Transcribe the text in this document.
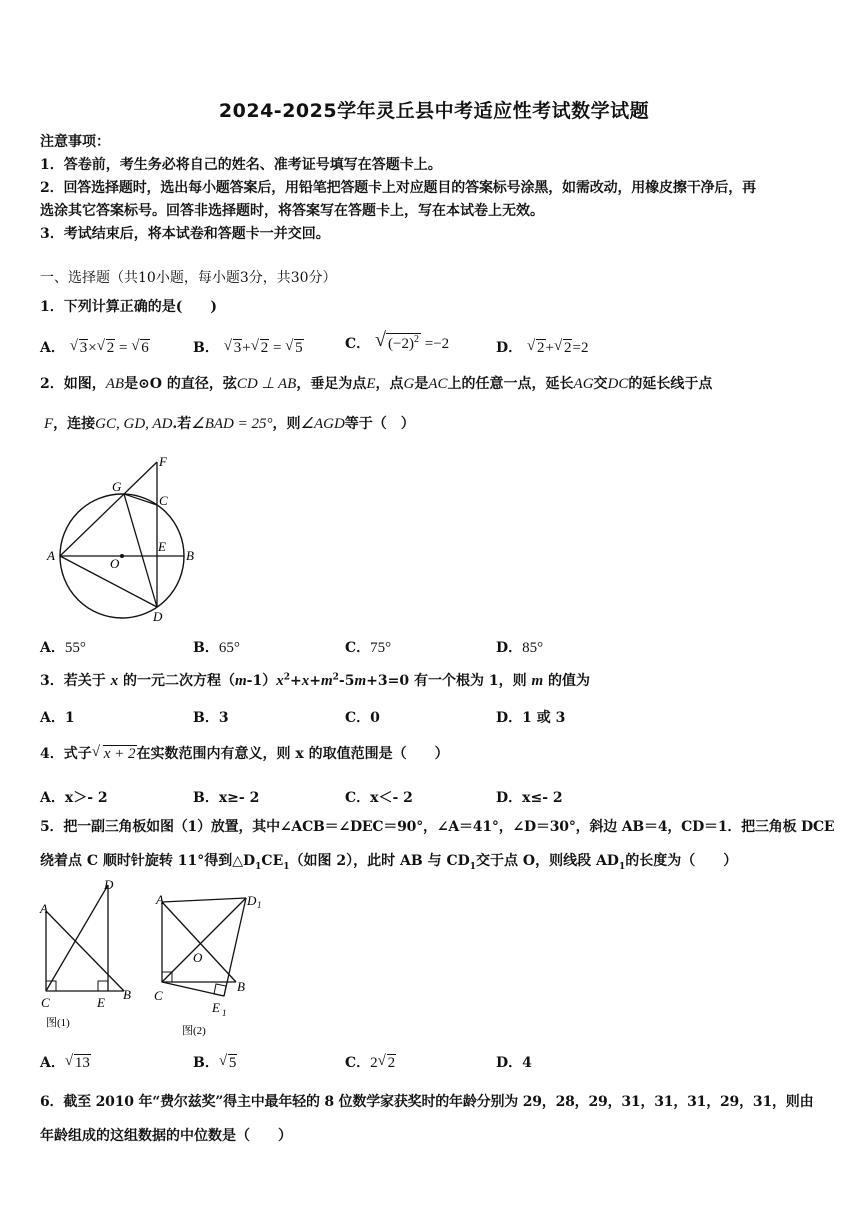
2024-2025学年灵丘县中考适应性考试数学试题
注意事项：
1．答卷前，考生务必将自己的姓名、准考证号填写在答题卡上。
2．回答选择题时，选出每小题答案后，用铅笔把答题卡上对应题目的答案标号涂黑，如需改动，用橡皮擦干净后，再
选涂其它答案标号。回答非选择题时，将答案写在答题卡上，写在本试卷上无效。
3．考试结束后，将本试卷和答题卡一并交回。
一、选择题（共10小题，每小题3分，共30分）
1．下列计算正确的是(　　)
A． √ 3× √ 2 = √ 6	B． √ 3+ √ 2 = √ 5	C． √ $(-2)^2 =-2$	D． √ 2+ √ 2=2
2．如图，AB是⊙O 的直径，弦CD ⊥ AB，垂足为点E，点G是AC上的任意一点，延长AG交DC的延长线于点
F，连接GC, GD, AD.若∠BAD = 25°，则∠AGD等于（　）
F
G
C
A
O
E
B
D
A．55°	B．65°	C．75°	D．85°
3．若关于 x 的一元二次方程$(m-1)x^2+x+m^2-5m+3=0$ 有一个根为 1，则 m 的值为
A．1	B．3	C．0	D．1 或 3
4．式子 √ x + 2在实数范围内有意义，则 x 的取值范围是（　　）
A．x＞- 2	B．x≥- 2	C．x＜- 2	D．x≤- 2
5．把一副三角板如图（1）放置，其中∠ACB＝∠DEC＝90°，∠A＝41°，∠D＝30°，斜边 AB＝4，CD＝1．把三角板 DCE
绕着点 C 顺时针旋转 11°得到$\triangle D_1CE_1$（如图 2），此时 AB 与 $CD_1$交于点 O，则线段 $AD_1$的长度为（　　）
D
A
C	E
B
图(1)
A	D 1
O
C
B
E 1
图(2)
A． √ 13	B． √ 5	C．2 √ 2	D．4
6．截至 2010 年“费尔兹奖”得主中最年轻的 8 位数学家获奖时的年龄分别为 29，28，29，31，31，31，29，31，则由
年龄组成的这组数据的中位数是（　　）
